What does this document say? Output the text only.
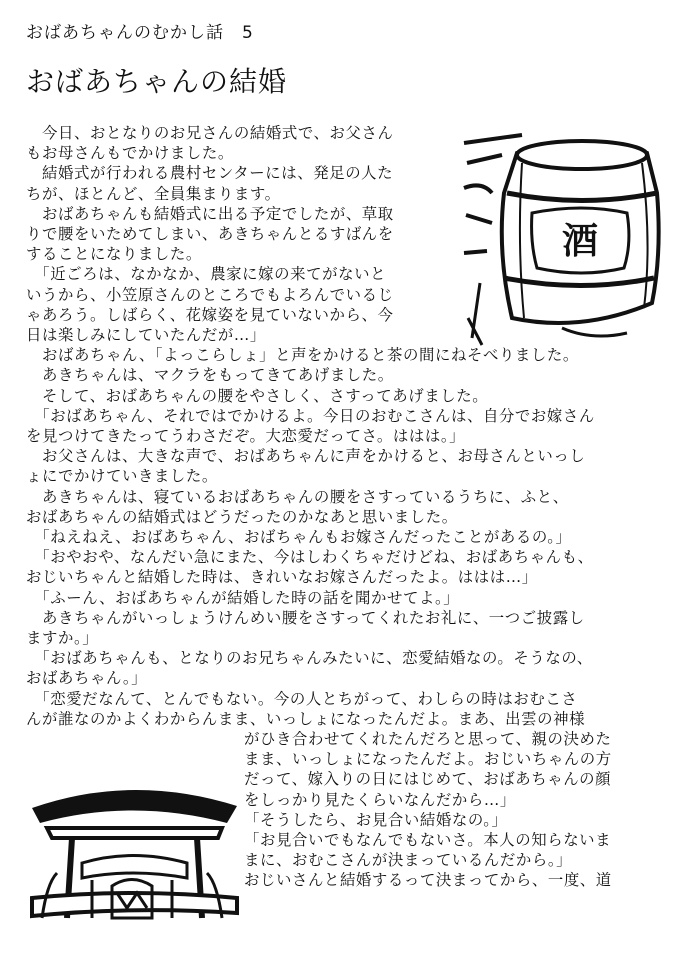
おばあちゃんのむかし話　 5
おばあちゃんの結婚
酒
　今日、おとなりのお兄さんの結婚式で、お父さん
もお母さんもでかけました。
　結婚式が行われる農村センターには、発足の人た
ちが、ほとんど、全員集まります。
　おばあちゃんも結婚式に出る予定でしたが、草取
りで腰をいためてしまい、あきちゃんとるすばんを
することになりました。
　「近ごろは、なかなか、農家に嫁の来てがないと
いうから、小笠原さんのところでもよろんでいるじ
ゃあろう。しばらく、花嫁姿を見ていないから、今
日は楽しみにしていたんだが…」
　おばあちゃん、「よっこらしょ」と声をかけると茶の間にねそべりました。
　あきちゃんは、マクラをもってきてあげました。
　そして、おばあちゃんの腰をやさしく、さすってあげました。
　「おばあちゃん、それではでかけるよ。今日のおむこさんは、自分でお嫁さん
を見つけてきたってうわさだぞ。大恋愛だってさ。ははは。」
　お父さんは、大きな声で、おばあちゃんに声をかけると、お母さんといっし
ょにでかけていきました。
　あきちゃんは、寝ているおばあちゃんの腰をさすっているうちに、ふと、
おばあちゃんの結婚式はどうだったのかなあと思いました。
　「ねえねえ、おばあちゃん、おばちゃんもお嫁さんだったことがあるの。」
　「おやおや、なんだい急にまた、今はしわくちゃだけどね、おばあちゃんも、
おじいちゃんと結婚した時は、きれいなお嫁さんだったよ。ははは…」
　「ふーん、おばあちゃんが結婚した時の話を聞かせてよ。」
　あきちゃんがいっしょうけんめい腰をさすってくれたお礼に、一つご披露し
ますか。」
　「おばあちゃんも、となりのお兄ちゃんみたいに、恋愛結婚なの。そうなの、
おばあちゃん。」
　「恋愛だなんて、とんでもない。今の人とちがって、わしらの時はおむこさ
んが誰なのかよくわからんまま、いっしょになったんだよ。まあ、出雲の神様
がひき合わせてくれたんだろと思って、親の決めた
まま、いっしょになったんだよ。おじいちゃんの方
だって、嫁入りの日にはじめて、おばあちゃんの顔
をしっかり見たくらいなんだから…」
「そうしたら、お見合い結婚なの。」
「お見合いでもなんでもないさ。本人の知らないま
まに、おむこさんが決まっているんだから。」
おじいさんと結婚するって決まってから、一度、道
